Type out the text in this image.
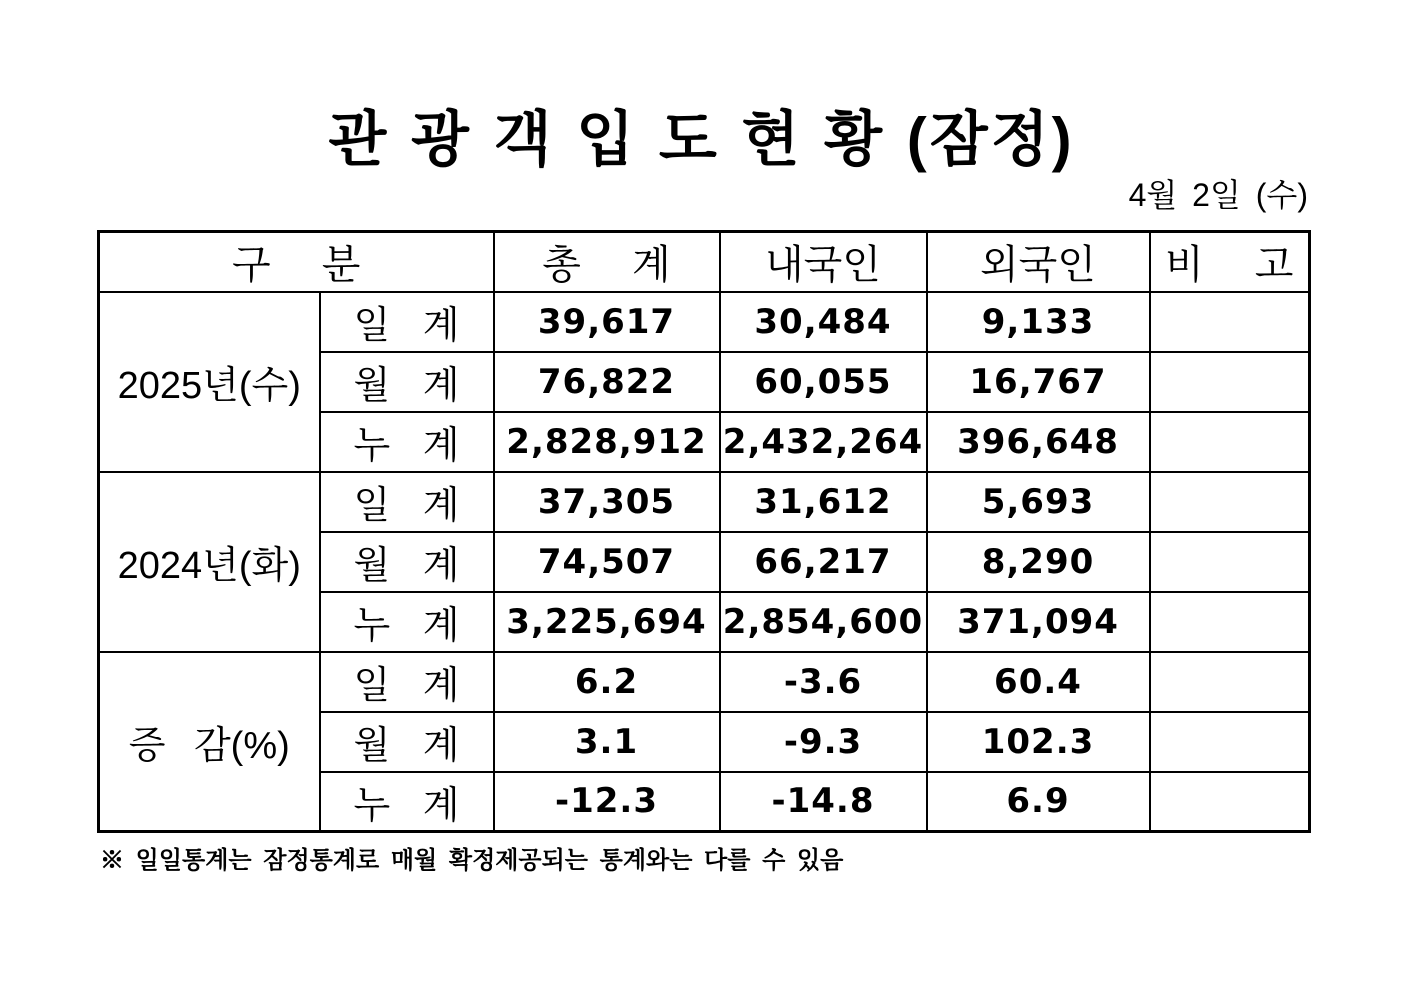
관 광 객 입 도 현 황 (잠정)
4월 2일 (수)
구 분		총 계	내국인	외국인	비 고
2025년(수)	일 계	39,617	30,484	9,133	
	월 계	76,822	60,055	16,767	
	누 계	2,828,912	2,432,264	396,648	
2024년(화)	일 계	37,305	31,612	5,693	
	월 계	74,507	66,217	8,290	
	누 계	3,225,694	2,854,600	371,094	
증 감(%)	일 계	6.2	-3.6	60.4	
	월 계	3.1	-9.3	102.3	
	누 계	-12.3	-14.8	6.9	
※ 일일통계는 잠정통계로 매월 확정제공되는 통계와는 다를 수 있음
